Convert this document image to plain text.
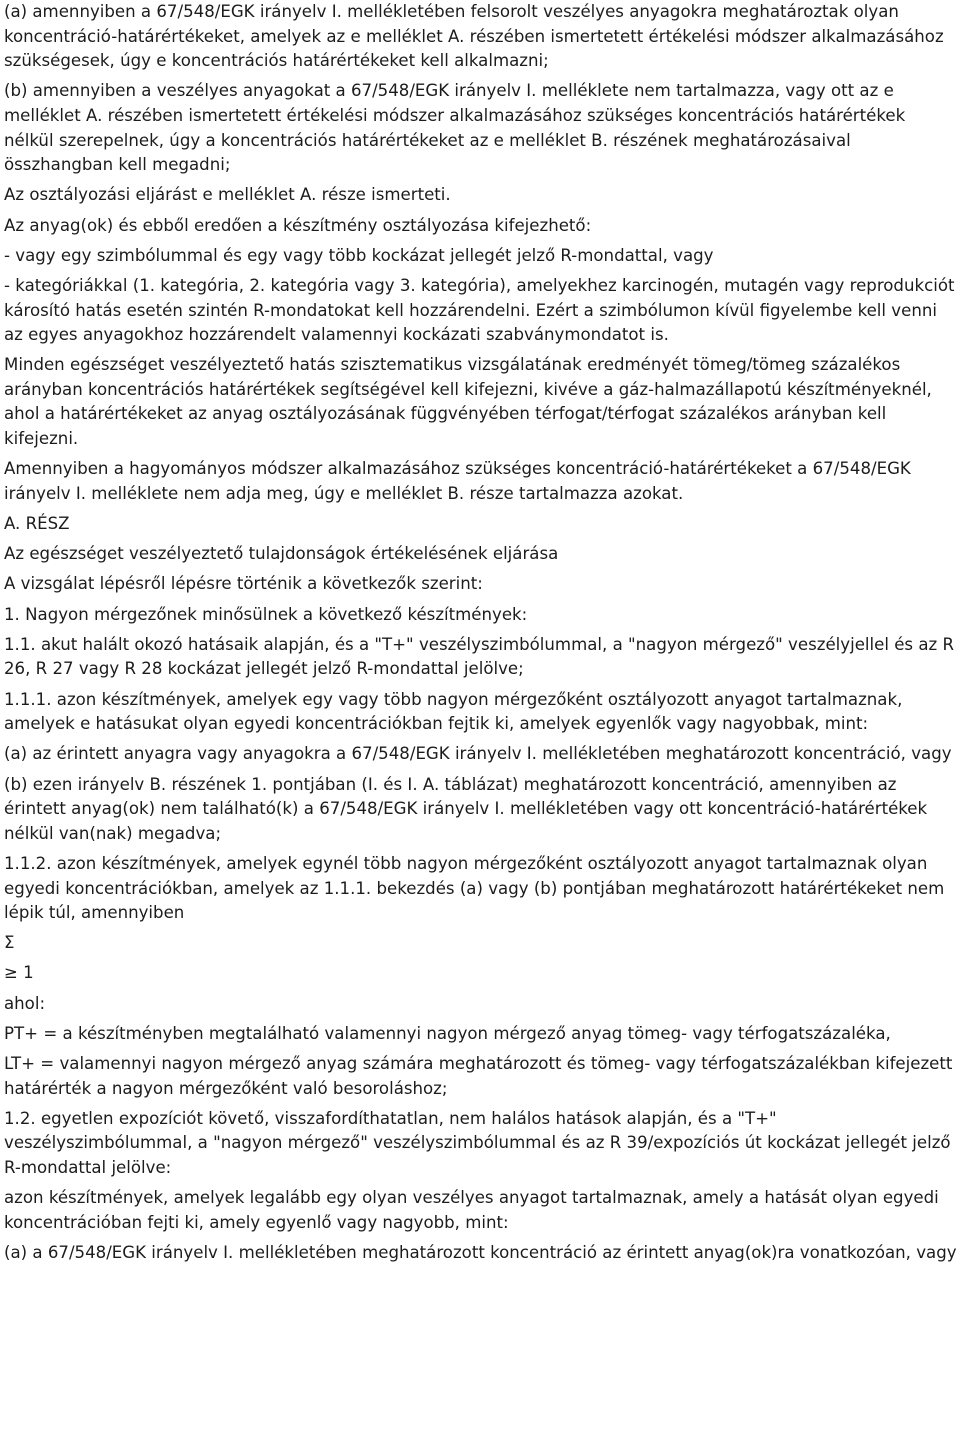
(a) amennyiben a 67/548/EGK irányelv I. mellékletében felsorolt veszélyes anyagokra meghatároztak olyan koncentráció-határértékeket, amelyek az e melléklet A. részében ismertetett értékelési módszer alkalmazásához szükségesek, úgy e koncentrációs határértékeket kell alkalmazni;

(b) amennyiben a veszélyes anyagokat a 67/548/EGK irányelv I. melléklete nem tartalmazza, vagy ott az e melléklet A. részében ismertetett értékelési módszer alkalmazásához szükséges koncentrációs határértékek nélkül szerepelnek, úgy a koncentrációs határértékeket az e melléklet B. részének meghatározásaival összhangban kell megadni;

Az osztályozási eljárást e melléklet A. része ismerteti.

Az anyag(ok) és ebből eredően a készítmény osztályozása kifejezhető:

- vagy egy szimbólummal és egy vagy több kockázat jellegét jelző R-mondattal, vagy

- kategóriákkal (1. kategória, 2. kategória vagy 3. kategória), amelyekhez karcinogén, mutagén vagy reprodukciót károsító hatás esetén szintén R-mondatokat kell hozzárendelni. Ezért a szimbólumon kívül figyelembe kell venni az egyes anyagokhoz hozzárendelt valamennyi kockázati szabványmondatot is.

Minden egészséget veszélyeztető hatás szisztematikus vizsgálatának eredményét tömeg/tömeg százalékos arányban koncentrációs határértékek segítségével kell kifejezni, kivéve a gáz-halmazállapotú készítményeknél, ahol a határértékeket az anyag osztályozásának függvényében térfogat/térfogat százalékos arányban kell kifejezni.

Amennyiben a hagyományos módszer alkalmazásához szükséges koncentráció-határértékeket a 67/548/EGK irányelv I. melléklete nem adja meg, úgy e melléklet B. része tartalmazza azokat.

A. RÉSZ

Az egészséget veszélyeztető tulajdonságok értékelésének eljárása

A vizsgálat lépésről lépésre történik a következők szerint:

1. Nagyon mérgezőnek minősülnek a következő készítmények:

1.1. akut halált okozó hatásaik alapján, és a "T+" veszélyszimbólummal, a "nagyon mérgező" veszélyjellel és az R 26, R 27 vagy R 28 kockázat jellegét jelző R-mondattal jelölve;

1.1.1. azon készítmények, amelyek egy vagy több nagyon mérgezőként osztályozott anyagot tartalmaznak, amelyek e hatásukat olyan egyedi koncentrációkban fejtik ki, amelyek egyenlők vagy nagyobbak, mint:

(a) az érintett anyagra vagy anyagokra a 67/548/EGK irányelv I. mellékletében meghatározott koncentráció, vagy

(b) ezen irányelv B. részének 1. pontjában (I. és I. A. táblázat) meghatározott koncentráció, amennyiben az érintett anyag(ok) nem található(k) a 67/548/EGK irányelv I. mellékletében vagy ott koncentráció-határértékek nélkül van(nak) megadva;

1.1.2. azon készítmények, amelyek egynél több nagyon mérgezőként osztályozott anyagot tartalmaznak olyan egyedi koncentrációkban, amelyek az 1.1.1. bekezdés (a) vagy (b) pontjában meghatározott határértékeket nem lépik túl, amennyiben

Σ

≥ 1

ahol:

PT+ = a készítményben megtalálható valamennyi nagyon mérgező anyag tömeg- vagy térfogatszázaléka,

LT+ = valamennyi nagyon mérgező anyag számára meghatározott és tömeg- vagy térfogatszázalékban kifejezett határérték a nagyon mérgezőként való besoroláshoz;

1.2. egyetlen expozíciót követő, visszafordíthatatlan, nem halálos hatások alapján, és a "T+" veszélyszimbólummal, a "nagyon mérgező" veszélyszimbólummal és az R 39/expozíciós út kockázat jellegét jelző R-mondattal jelölve:

azon készítmények, amelyek legalább egy olyan veszélyes anyagot tartalmaznak, amely a hatását olyan egyedi koncentrációban fejti ki, amely egyenlő vagy nagyobb, mint:

(a) a 67/548/EGK irányelv I. mellékletében meghatározott koncentráció az érintett anyag(ok)ra vonatkozóan, vagy
